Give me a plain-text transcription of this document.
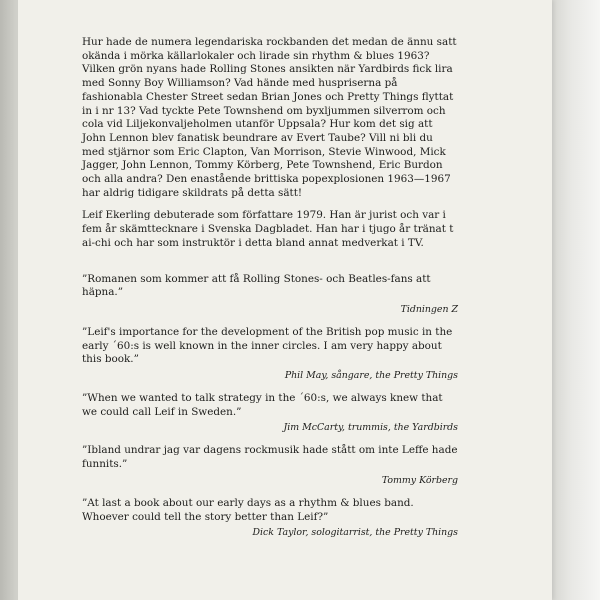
Hur hade de numera legendariska rockbanden det medan de ännu satt okända i mörka källarlokaler och lirade sin rhythm & blues 1963? Vilken grön nyans hade Rolling Stones ansikten när Yardbirds fick lira med Sonny Boy Williamson? Vad hände med huspriserna på fashionabla Chester Street sedan Brian Jones och Pretty Things flyttat in i nr 13? Vad tyckte Pete Townshend om byxljummen silverrom och cola vid Liljekonvaljeholmen utanför Uppsala? Hur kom det sig att John Lennon blev fanatisk beundrare av Evert Taube? Vill ni bli du med stjärnor som Eric Clapton, Van Morrison, Stevie Winwood, Mick Jagger, John Lennon, Tommy Körberg, Pete Townshend, Eric Burdon och alla andra? Den enastående brittiska popexplosionen 1963—1967 har aldrig tidigare skildrats på detta sätt!

Leif Ekerling debuterade som författare 1979. Han är jurist och var i fem år skämttecknare i Svenska Dagbladet. Han har i tjugo år tränat t ai-chi och har som instruktör i detta bland annat medverkat i TV.

”Romanen som kommer att få Rolling Stones- och Beatles-fans att häpna.”

Tidningen Z

”Leif's importance for the development of the British pop music in the early ´60:s is well known in the inner circles. I am very happy about this book.”

Phil May, sångare, the Pretty Things

”When we wanted to talk strategy in the ´60:s, we always knew that we could call Leif in Sweden.”

Jim McCarty, trummis, the Yardbirds

”Ibland undrar jag var dagens rockmusik hade stått om inte Leffe hade funnits.”

Tommy Körberg

”At last a book about our early days as a rhythm & blues band. Whoever could tell the story better than Leif?”

Dick Taylor, sologitarrist, the Pretty Things
